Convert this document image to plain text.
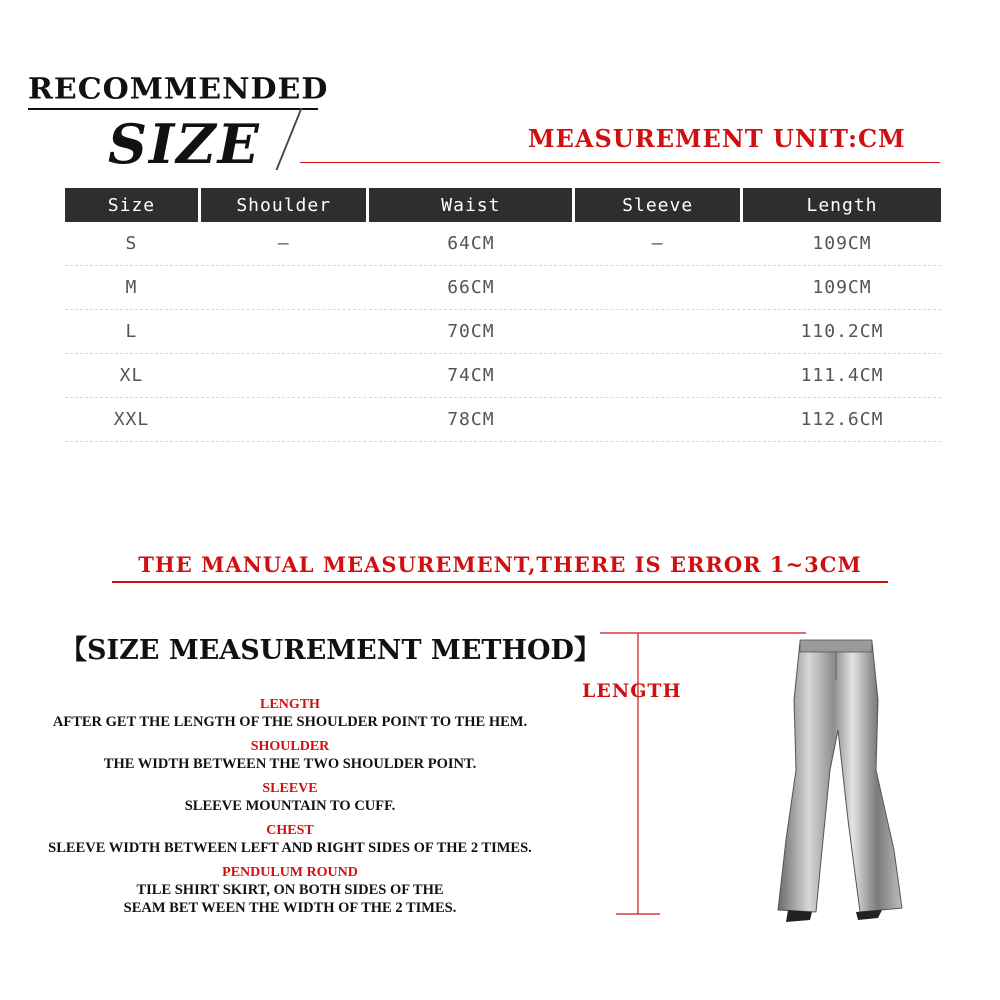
RECOMMENDED
SIZE	MEASUREMENT UNIT:CM
Size	Shoulder	Waist	Sleeve	Length
S	—	64CM	—	109CM
M		66CM		109CM
L		70CM		110.2CM
XL		74CM		111.4CM
XXL		78CM		112.6CM
THE MANUAL MEASUREMENT,THERE IS ERROR 1~3CM
【SIZE MEASUREMENT METHOD】
LENGTH
AFTER GET THE LENGTH OF THE SHOULDER POINT TO THE HEM.
SHOULDER
THE WIDTH BETWEEN THE TWO SHOULDER POINT.
SLEEVE
SLEEVE MOUNTAIN TO CUFF.
CHEST
SLEEVE WIDTH BETWEEN LEFT AND RIGHT SIDES OF THE 2 TIMES.
PENDULUM ROUND
TILE SHIRT SKIRT, ON BOTH SIDES OF THE SEAM BET WEEN THE WIDTH OF THE 2 TIMES.
LENGTH
